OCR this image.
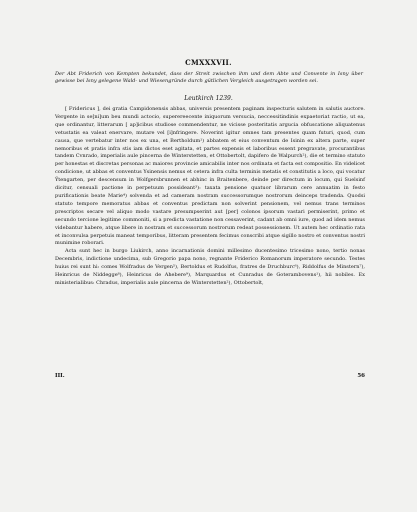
CMXXXVII.
Der Abt Friderich von Kempten bekundet, dass der Streit zwischen ihm und dem Abte und Convente in Isny über gewisse bei Isny gelegene Wald- und Wiesengründe durch gütlichen Vergleich ausgetragen worden sei.
Leutkirch 1239.

[ Fridericus ], dei gratia Campidonensis abbas, universis presentem paginam inspecturis salutem in salutis auctore. Vergente in se[ni]um beu mundi actocio, superereecente iniquorum versucia, neccessitindinis expaetoriat ractio, ut ea, que ordinantur, litterarum [ ap]icibus studiose commendentur, ne vicisse posteritatis argucia obfuscatione aliquatenus vetustatis ea valeat enervare, mutare vel [i]nfringere. Noverint igitur omnes tam presentes quam futuri, quod, cum causa, que vertebatur inter nos ex una, et Bertholdum¹) abbatem et eius conventum de Isinin ex altera parte, super nemoribus et pratis infra stis iam dictos eset agitata, et partes expensis et laboribus essent pregravate, procurantibus tandem Cvnrado, imperialis aule pincerna de Winterstetten, et Ottobertolt, dapifero de Walpurch²), die et termino statuto per honestas et discretas personas ac maiores provincie amicabilis inter nos ordinata et facta est compositio. En videlicet condicione, ut abbas et conventus Ysinensis nemus et cetera infra culta terminis metatis et constitutis a loco, qui vocatur Ÿtengarten, per descensum in Wolfgersbrunnen et abhinc in Braitenbere, deinde per directum in locum, qui Suelsinf dicitur, censuali pactione in perpetuum possideant³): taxata pensione quatuor librarum cere annuatim in festo purificationis beate Marie⁴) solvenda et ad cameram nostram successorumque nostrorum deinceps tradenda. Quodsi statuto tempore memoratus abbas et conventus predictam non solverint pensionem, vel nemus trans terminos prescriptos secare vel aliquo modo vastare presumpserint aut [per] colonos ipsorum vastari permiserint, primo et secundo tercione legitime commoniti, si a predicta vastatione non cessaverint, cadant ab omni iure, quod ad idem nemus videbantur habere, atque libere in nostram et successorum nostrorum redeat possessionem. Ut autem hec ordinatio rata et inconvulsa perpetuis maneat temporibus, litteram presentem fecimus conscribi atque sigillo nostro et conventus nostri munimine roborari.

Acta sunt hec in burgo Liukirch, anno incarnationis domini millesimo ducentesimo tricesimo nono, tertio nonas Decembris, indictione undecima, sub Gregorio papa nono, regnante Friderico Romanorum imperatore secundo. Testes huius rei sunt hi: comes Wolfradus de Vergen⁵), Bertoldus et Rudolfus, fratres de Druchburc⁶), Riddolfus de Minstern⁷), Heinricus de Niddegge⁸), Heinricus de Ahebere⁹), Marquardus et Cunradus de Goterambovens¹), hii nobiles. Ex ministerialibus: Chradus, imperialis aule pincerna de Winterstetten²), Ottobertolt,

III.	56
